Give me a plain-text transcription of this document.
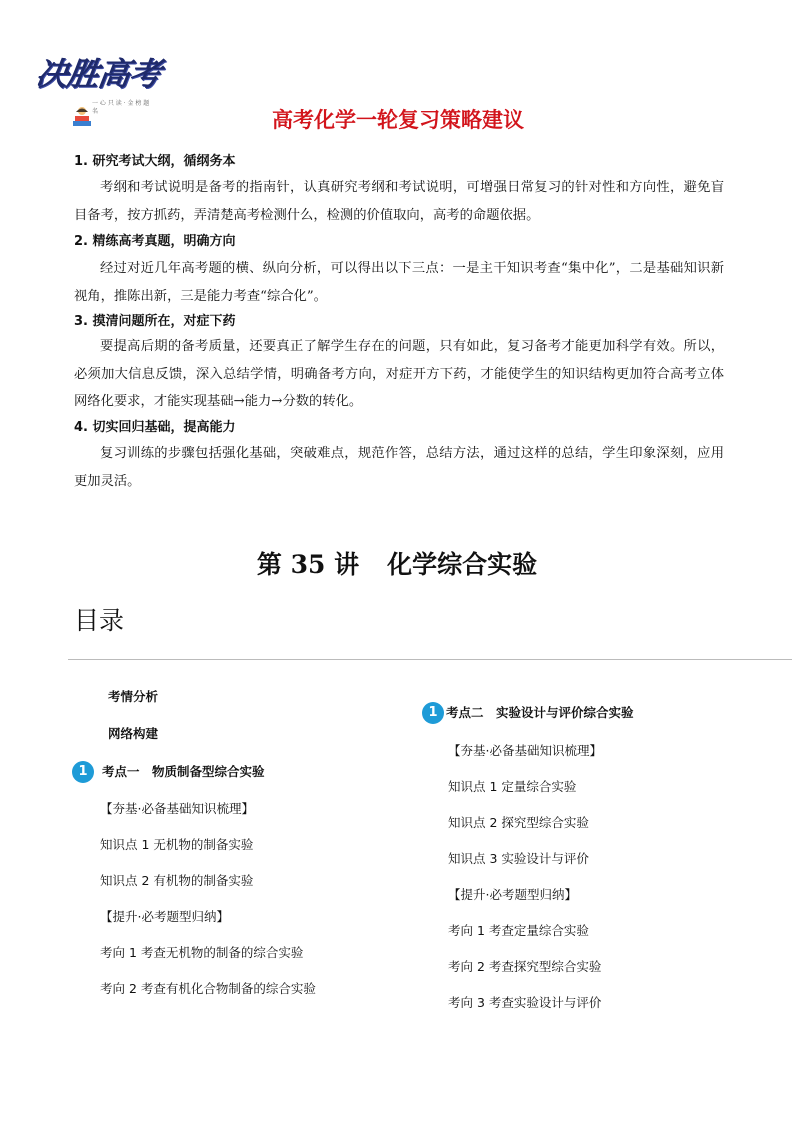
决胜高考
一 心 只 读 · 金 榜 题 名	高考化学一轮复习策略建议
1. 研究考试大纲，循纲务本
考纲和考试说明是备考的指南针，认真研究考纲和考试说明，可增强日常复习的针对性和方向性，避免盲目备考，按方抓药，弄清楚高考检测什么，检测的价值取向，高考的命题依据。
2. 精练高考真题，明确方向
经过对近几年高考题的横、纵向分析，可以得出以下三点：一是主干知识考查“集中化”，二是基础知识新视角，推陈出新，三是能力考查“综合化”。
3. 摸清问题所在，对症下药
要提高后期的备考质量，还要真正了解学生存在的问题，只有如此，复习备考才能更加科学有效。所以，必须加大信息反馈，深入总结学情，明确备考方向，对症开方下药，才能使学生的知识结构更加符合高考立体网络化要求，才能实现基础→能力→分数的转化。
4. 切实回归基础，提高能力
复习训练的步骤包括强化基础，突破难点，规范作答，总结方法，通过这样的总结，学生印象深刻，应用更加灵活。
第 35 讲 化学综合实验
目录
考情分析
网络构建
1	考点一　物质制备型综合实验
【夯基·必备基础知识梳理】
知识点 1 无机物的制备实验
知识点 2 有机物的制备实验
【提升·必考题型归纳】
考向 1 考查无机物的制备的综合实验
考向 2 考查有机化合物制备的综合实验
1 考点二　实验设计与评价综合实验
【夯基·必备基础知识梳理】
知识点 1 定量综合实验
知识点 2 探究型综合实验
知识点 3 实验设计与评价
【提升·必考题型归纳】
考向 1 考查定量综合实验
考向 2 考查探究型综合实验
考向 3 考查实验设计与评价
